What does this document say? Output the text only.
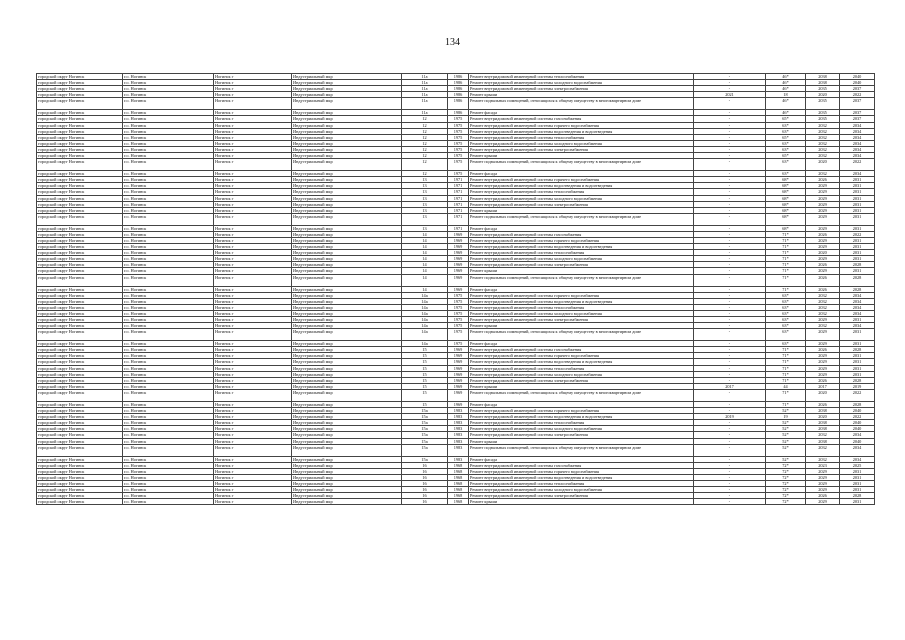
134
городской округ Ногинск	г.о. Ногинск	Ногинск г	Индустриальный мкр	11а	1986	Ремонт внутридомовой инженерной системы теплоснабжения	-	46*	2038	2040
городской округ Ногинск	г.о. Ногинск	Ногинск г	Индустриальный мкр	11а	1986	Ремонт внутридомовой инженерной системы холодного водоснабжения	-	46*	2038	2040
городской округ Ногинск	г.о. Ногинск	Ногинск г	Индустриальный мкр	11а	1986	Ремонт внутридомовой инженерной системы электроснабжения	-	46*	2035	2037
городской округ Ногинск	г.о. Ногинск	Ногинск г	Индустриальный мкр	11а	1986	Ремонт крыши	2021	18	2020	2022
городской округ Ногинск	г.о. Ногинск	Ногинск г	Индустриальный мкр	11а	1986	Ремонт подвальных помещений, относящихся к общему имуществу в многоквартирном доме	-	46*	2035	2037
городской округ Ногинск	г.о. Ногинск	Ногинск г	Индустриальный мкр	11а	1986	Ремонт фасада	-	46*	2035	2037
городской округ Ногинск	г.о. Ногинск	Ногинск г	Индустриальный мкр	12	1975	Ремонт внутридомовой инженерной системы газоснабжения	-	65*	2035	2037
городской округ Ногинск	г.о. Ногинск	Ногинск г	Индустриальный мкр	12	1975	Ремонт внутридомовой инженерной системы горячего водоснабжения	-	63*	2032	2034
городской округ Ногинск	г.о. Ногинск	Ногинск г	Индустриальный мкр	12	1975	Ремонт внутридомовой инженерной системы водоотведения и водоотведения	-	63*	2032	2034
городской округ Ногинск	г.о. Ногинск	Ногинск г	Индустриальный мкр	12	1975	Ремонт внутридомовой инженерной системы теплоснабжения	-	65*	2032	2034
городской округ Ногинск	г.о. Ногинск	Ногинск г	Индустриальный мкр	12	1975	Ремонт внутридомовой инженерной системы холодного водоснабжения	-	63*	2032	2034
городской округ Ногинск	г.о. Ногинск	Ногинск г	Индустриальный мкр	12	1975	Ремонт внутридомовой инженерной системы электроснабжения	-	63*	2032	2034
городской округ Ногинск	г.о. Ногинск	Ногинск г	Индустриальный мкр	12	1975	Ремонт крыши	-	65*	2032	2034
городской округ Ногинск	г.о. Ногинск	Ногинск г	Индустриальный мкр	12	1975	Ремонт подвальных помещений, относящихся к общему имуществу в многоквартирном доме	-	63*	2020	2022
городской округ Ногинск	г.о. Ногинск	Ногинск г	Индустриальный мкр	12	1975	Ремонт фасада	-	63*	2032	2034
городской округ Ногинск	г.о. Ногинск	Ногинск г	Индустриальный мкр	13	1971	Ремонт внутридомовой инженерной системы горячего водоснабжения	-	68*	2026	2031
городской округ Ногинск	г.о. Ногинск	Ногинск г	Индустриальный мкр	13	1971	Ремонт внутридомовой инженерной системы водоотведения и водоотведения	-	68*	2029	2031
городской округ Ногинск	г.о. Ногинск	Ногинск г	Индустриальный мкр	13	1971	Ремонт внутридомовой инженерной системы теплоснабжения	-	68*	2029	2031
городской округ Ногинск	г.о. Ногинск	Ногинск г	Индустриальный мкр	13	1971	Ремонт внутридомовой инженерной системы холодного водоснабжения	-	68*	2029	2031
городской округ Ногинск	г.о. Ногинск	Ногинск г	Индустриальный мкр	13	1971	Ремонт внутридомовой инженерной системы электроснабжения	-	68*	2029	2031
городской округ Ногинск	г.о. Ногинск	Ногинск г	Индустриальный мкр	13	1971	Ремонт крыши	-	68*	2029	2031
городской округ Ногинск	г.о. Ногинск	Ногинск г	Индустриальный мкр	13	1971	Ремонт подвальных помещений, относящихся к общему имуществу в многоквартирном доме	-	68*	2029	2031
городской округ Ногинск	г.о. Ногинск	Ногинск г	Индустриальный мкр	13	1971	Ремонт фасада	-	68*	2029	2031
городской округ Ногинск	г.о. Ногинск	Ногинск г	Индустриальный мкр	14	1969	Ремонт внутридомовой инженерной системы газоснабжения	-	71*	2026	2022
городской округ Ногинск	г.о. Ногинск	Ногинск г	Индустриальный мкр	14	1969	Ремонт внутридомовой инженерной системы горячего водоснабжения	-	71*	2029	2031
городской округ Ногинск	г.о. Ногинск	Ногинск г	Индустриальный мкр	14	1969	Ремонт внутридомовой инженерной системы водоотведения и водоотведения	-	71*	2029	2031
городской округ Ногинск	г.о. Ногинск	Ногинск г	Индустриальный мкр	14	1969	Ремонт внутридомовой инженерной системы теплоснабжения	-	71*	2020	2031
городской округ Ногинск	г.о. Ногинск	Ногинск г	Индустриальный мкр	14	1969	Ремонт внутридомовой инженерной системы холодного водоснабжения	-	71*	2029	2031
городской округ Ногинск	г.о. Ногинск	Ногинск г	Индустриальный мкр	14	1969	Ремонт внутридомовой инженерной системы электроснабжения	-	71*	2026	2028
городской округ Ногинск	г.о. Ногинск	Ногинск г	Индустриальный мкр	14	1969	Ремонт крыши	-	71*	2029	2031
городской округ Ногинск	г.о. Ногинск	Ногинск г	Индустриальный мкр	14	1969	Ремонт подвальных помещений, относящихся к общему имуществу в многоквартирном доме	-	71*	2026	2028
городской округ Ногинск	г.о. Ногинск	Ногинск г	Индустриальный мкр	14	1969	Ремонт фасада	-	71*	2026	2028
городской округ Ногинск	г.о. Ногинск	Ногинск г	Индустриальный мкр	14а	1975	Ремонт внутридомовой инженерной системы горячего водоснабжения	-	63*	2032	2034
городской округ Ногинск	г.о. Ногинск	Ногинск г	Индустриальный мкр	14а	1975	Ремонт внутридомовой инженерной системы водоотведения и водоотведения	-	63*	2032	2034
городской округ Ногинск	г.о. Ногинск	Ногинск г	Индустриальный мкр	14а	1975	Ремонт внутридомовой инженерной системы теплоснабжения	-	63*	2032	2034
городской округ Ногинск	г.о. Ногинск	Ногинск г	Индустриальный мкр	14а	1975	Ремонт внутридомовой инженерной системы холодного водоснабжения	-	63*	2032	2034
городской округ Ногинск	г.о. Ногинск	Ногинск г	Индустриальный мкр	14а	1975	Ремонт внутридомовой инженерной системы электроснабжения	-	63*	2029	2031
городской округ Ногинск	г.о. Ногинск	Ногинск г	Индустриальный мкр	14а	1975	Ремонт крыши	-	63*	2032	2034
городской округ Ногинск	г.о. Ногинск	Ногинск г	Индустриальный мкр	14а	1975	Ремонт подвальных помещений, относящихся к общему имуществу в многоквартирном доме	-	63*	2029	2031
городской округ Ногинск	г.о. Ногинск	Ногинск г	Индустриальный мкр	14а	1975	Ремонт фасада	-	63*	2029	2031
городской округ Ногинск	г.о. Ногинск	Ногинск г	Индустриальный мкр	15	1969	Ремонт внутридомовой инженерной системы газоснабжения	-	71*	2026	2028
городской округ Ногинск	г.о. Ногинск	Ногинск г	Индустриальный мкр	15	1969	Ремонт внутридомовой инженерной системы горячего водоснабжения	-	71*	2029	2031
городской округ Ногинск	г.о. Ногинск	Ногинск г	Индустриальный мкр	15	1969	Ремонт внутридомовой инженерной системы водоотведения и водоотведения	-	71*	2029	2031
городской округ Ногинск	г.о. Ногинск	Ногинск г	Индустриальный мкр	15	1969	Ремонт внутридомовой инженерной системы теплоснабжения	-	71*	2029	2031
городской округ Ногинск	г.о. Ногинск	Ногинск г	Индустриальный мкр	15	1969	Ремонт внутридомовой инженерной системы холодного водоснабжения	-	71*	2029	2031
городской округ Ногинск	г.о. Ногинск	Ногинск г	Индустриальный мкр	15	1969	Ремонт внутридомовой инженерной системы электроснабжения	-	71*	2026	2028
городской округ Ногинск	г.о. Ногинск	Ногинск г	Индустриальный мкр	15	1969	Ремонт крыши	2017	44	2017	2019
городской округ Ногинск	г.о. Ногинск	Ногинск г	Индустриальный мкр	15	1969	Ремонт подвальных помещений, относящихся к общему имуществу в многоквартирном доме	-	71*	2020	2022
городской округ Ногинск	г.о. Ногинск	Ногинск г	Индустриальный мкр	15	1969	Ремонт фасада	-	71*	2026	2028
городской округ Ногинск	г.о. Ногинск	Ногинск г	Индустриальный мкр	15а	1983	Ремонт внутридомовой инженерной системы горячего водоснабжения	-	52*	2038	2040
городской округ Ногинск	г.о. Ногинск	Ногинск г	Индустриальный мкр	15а	1983	Ремонт внутридомовой инженерной системы водоотведения и водоотведения	2019	19	2020	2022
городской округ Ногинск	г.о. Ногинск	Ногинск г	Индустриальный мкр	15а	1983	Ремонт внутридомовой инженерной системы теплоснабжения	-	52*	2038	2040
городской округ Ногинск	г.о. Ногинск	Ногинск г	Индустриальный мкр	15а	1983	Ремонт внутридомовой инженерной системы холодного водоснабжения	-	52*	2038	2040
городской округ Ногинск	г.о. Ногинск	Ногинск г	Индустриальный мкр	15а	1983	Ремонт внутридомовой инженерной системы электроснабжения	-	52*	2032	2034
городской округ Ногинск	г.о. Ногинск	Ногинск г	Индустриальный мкр	15а	1983	Ремонт крыши	-	52*	2038	2040
городской округ Ногинск	г.о. Ногинск	Ногинск г	Индустриальный мкр	15а	1983	Ремонт подвальных помещений, относящихся к общему имуществу в многоквартирном доме	-	52*	2032	2034
городской округ Ногинск	г.о. Ногинск	Ногинск г	Индустриальный мкр	15а	1983	Ремонт фасада	-	52*	2032	2034
городской округ Ногинск	г.о. Ногинск	Ногинск г	Индустриальный мкр	16	1968	Ремонт внутридомовой инженерной системы газоснабжения	-	72*	2023	2025
городской округ Ногинск	г.о. Ногинск	Ногинск г	Индустриальный мкр	16	1968	Ремонт внутридомовой инженерной системы горячего водоснабжения	-	72*	2029	2031
городской округ Ногинск	г.о. Ногинск	Ногинск г	Индустриальный мкр	16	1968	Ремонт внутридомовой инженерной системы водоотведения и водоотведения	-	72*	2029	2031
городской округ Ногинск	г.о. Ногинск	Ногинск г	Индустриальный мкр	16	1968	Ремонт внутридомовой инженерной системы теплоснабжения	-	72*	2029	2031
городской округ Ногинск	г.о. Ногинск	Ногинск г	Индустриальный мкр	16	1968	Ремонт внутридомовой инженерной системы холодного водоснабжения	-	72*	2029	2031
городской округ Ногинск	г.о. Ногинск	Ногинск г	Индустриальный мкр	16	1968	Ремонт внутридомовой инженерной системы электроснабжения	-	72*	2026	2028
городской округ Ногинск	г.о. Ногинск	Ногинск г	Индустриальный мкр	16	1968	Ремонт крыши	-	72*	2029	2031
